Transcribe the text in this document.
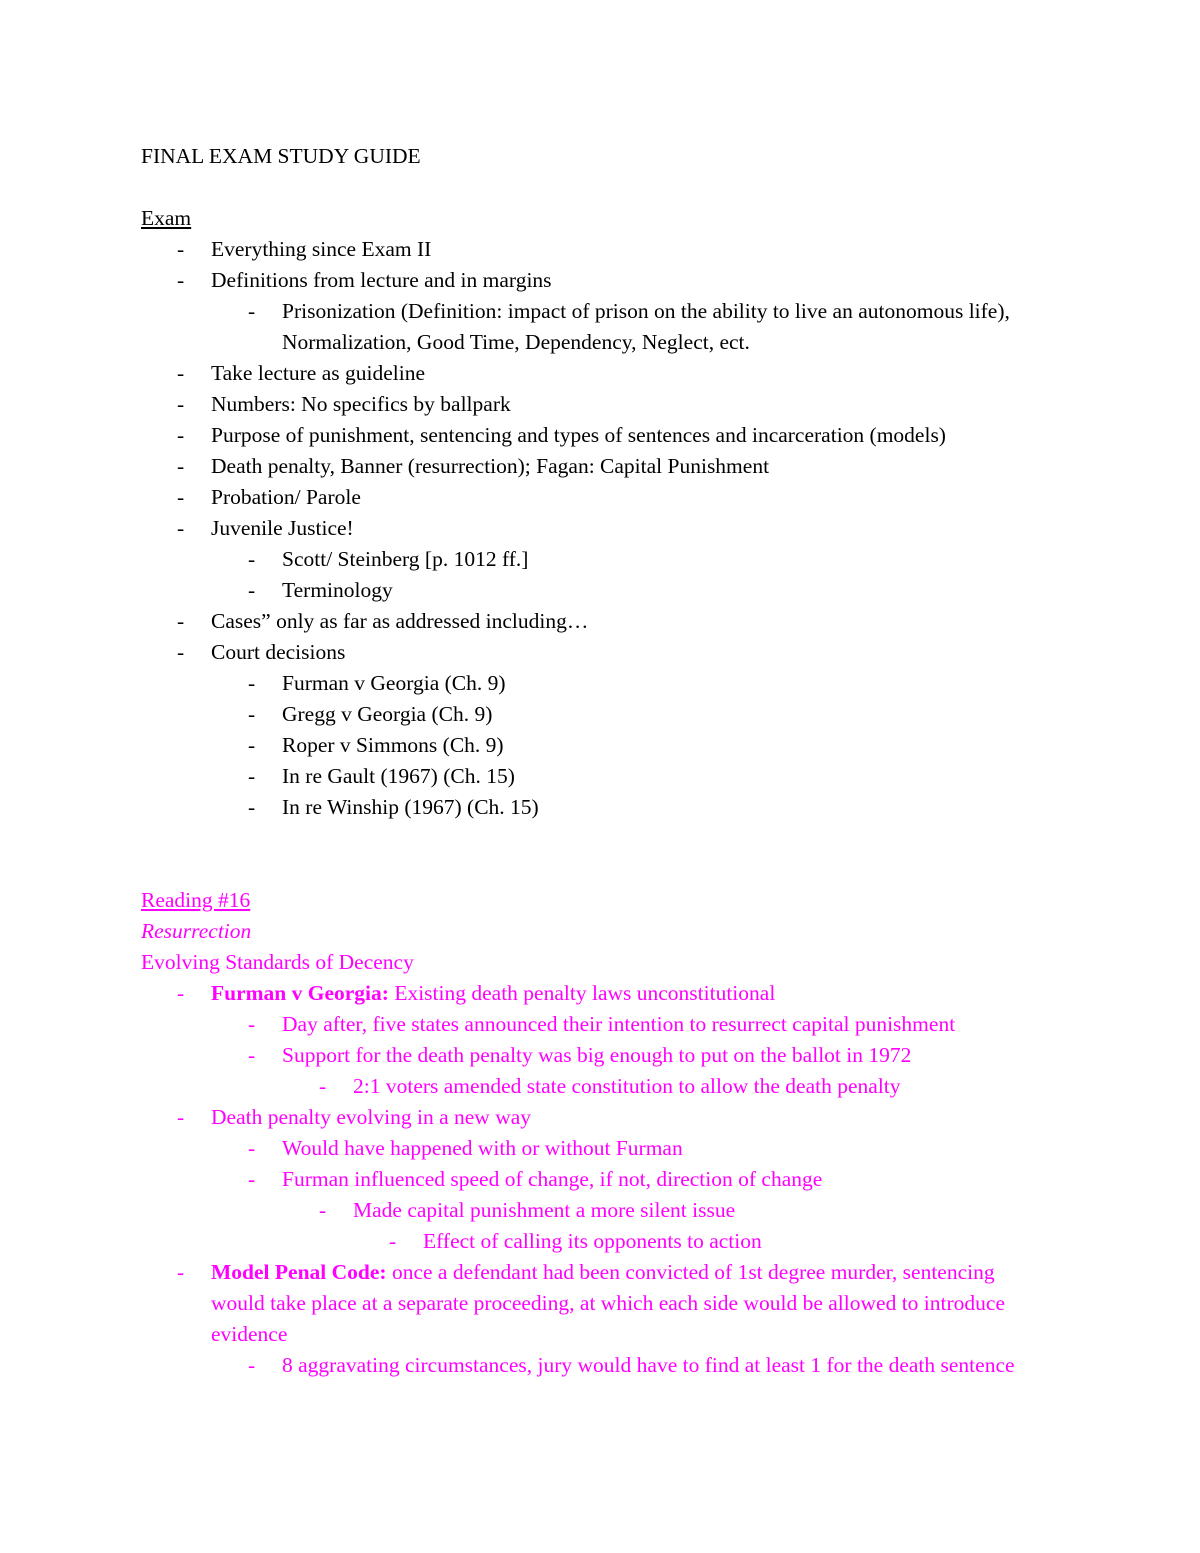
FINAL EXAM STUDY GUIDE
Exam
- Everything since Exam II
- Definitions from lecture and in margins
- Prisonization (Definition: impact of prison on the ability to live an autonomous life), Normalization, Good Time, Dependency, Neglect, ect.
- Take lecture as guideline
- Numbers: No specifics by ballpark
- Purpose of punishment, sentencing and types of sentences and incarceration (models)
- Death penalty, Banner (resurrection); Fagan: Capital Punishment
- Probation/ Parole
- Juvenile Justice!
- Scott/ Steinberg [p. 1012 ff.]
- Terminology
- Cases” only as far as addressed including…
- Court decisions
- Furman v Georgia (Ch. 9)
- Gregg v Georgia (Ch. 9)
- Roper v Simmons (Ch. 9)
- In re Gault (1967) (Ch. 15)
- In re Winship (1967) (Ch. 15)
Reading #16
Resurrection
Evolving Standards of Decency
- Furman v Georgia: Existing death penalty laws unconstitutional
- Day after, five states announced their intention to resurrect capital punishment
- Support for the death penalty was big enough to put on the ballot in 1972
- 2:1 voters amended state constitution to allow the death penalty
- Death penalty evolving in a new way
- Would have happened with or without Furman
- Furman influenced speed of change, if not, direction of change
- Made capital punishment a more silent issue
- Effect of calling its opponents to action
- Model Penal Code: once a defendant had been convicted of 1st degree murder, sentencing would take place at a separate proceeding, at which each side would be allowed to introduce evidence
- 8 aggravating circumstances, jury would have to find at least 1 for the death sentence
